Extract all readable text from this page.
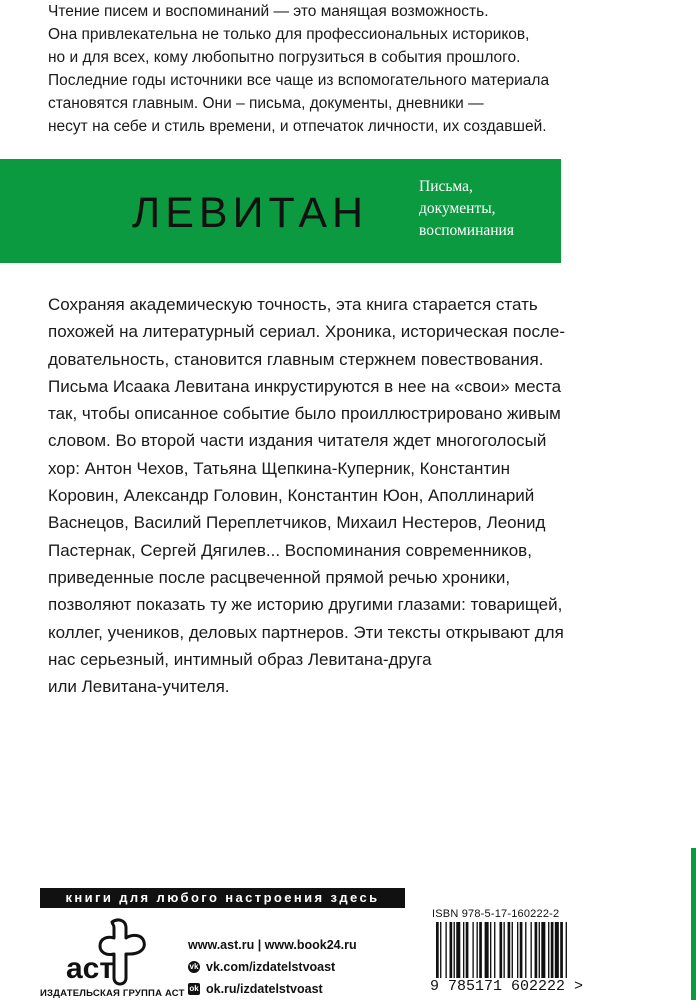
Чтение писем и воспоминаний — это манящая возможность.
Она привлекательна не только для профессиональных историков,
но и для всех, кому любопытно погрузиться в события прошлого.
Последние годы источники все чаще из вспомогательного материала
становятся главным. Они – письма, документы, дневники —
несут на себе и стиль времени, и отпечаток личности, их создавшей.
ЛЕВИТАН
Письма,
документы,
воспоминания
Сохраняя академическую точность, эта книга старается стать
похожей на литературный сериал. Хроника, историческая после-
довательность, становится главным стержнем повествования.
Письма Исаака Левитана инкрустируются в нее на «свои» места
так, чтобы описанное событие было проиллюстрировано живым
словом. Во второй части издания читателя ждет многоголосый
хор: Антон Чехов, Татьяна Щепкина-Куперник, Константин
Коровин, Александр Головин, Константин Юон, Аполлинарий
Васнецов, Василий Переплетчиков, Михаил Нестеров, Леонид
Пастернак, Сергей Дягилев... Воспоминания современников,
приведенные после расцвеченной прямой речью хроники,
позволяют показать ту же историю другими глазами: товарищей,
коллег, учеников, деловых партнеров. Эти тексты открывают для
нас серьезный, интимный образ Левитана-друга
или Левитана-учителя.
книги для любого настроения здесь
аст
ИЗДАТЕЛЬСКАЯ ГРУППА АСТ
www.ast.ru | www.book24.ru
vk vk.com/izdatelstvoast
ok ok.ru/izdatelstvoast
ISBN 978-5-17-160222-2
9 785171 602222 >
